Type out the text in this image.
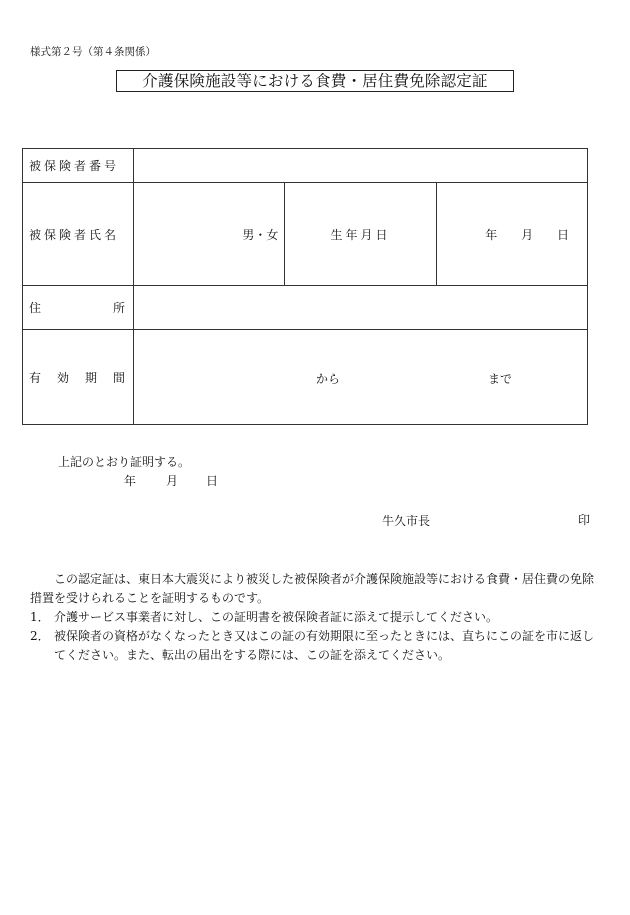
様式第２号（第４条関係）
介護保険施設等における食費・居住費免除認定証
被保険者番号			
被保険者氏名	男・女	生年月日	年 月 日

住 所			

有 効 期 間	から まで		
上記のとおり証明する。
年 月 日
牛久市長	印

この認定証は、東日本大震災により被災した被保険者が介護保険施設等における食費・居住費の免除措置を受けられることを証明するものです。

1． 介護サービス事業者に対し、この証明書を被保険者証に添えて提示してください。
2． 被保険者の資格がなくなったとき又はこの証の有効期限に至ったときには、直ちにこの証を市に返してください。また、転出の届出をする際には、この証を添えてください。
